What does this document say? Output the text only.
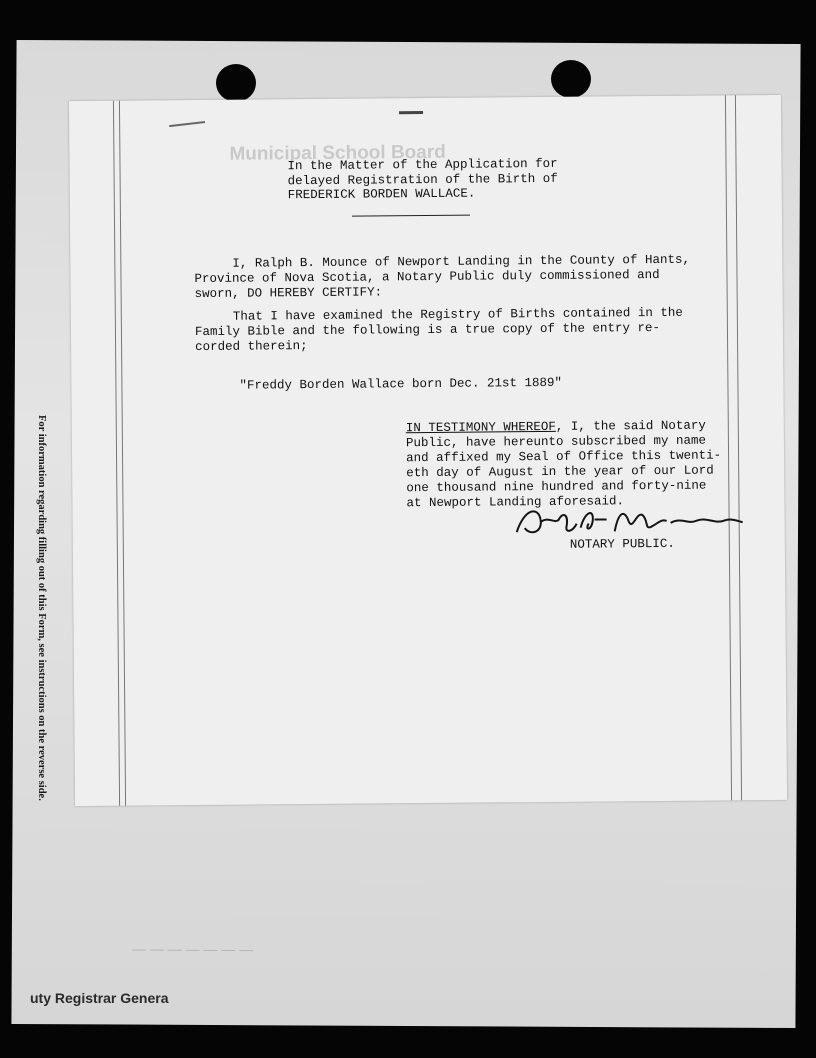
— — — — — — —
For information regarding filling out of this Form, see instructions on the reverse side.
uty Registrar Genera
Municipal School Board
In the Matter of the Application for
delayed Registration of the Birth of
FREDERICK BORDEN WALLACE.
I, Ralph B. Mounce of Newport Landing in the County of Hants,
Province of Nova Scotia, a Notary Public duly commissioned and
sworn, DO HEREBY CERTIFY:
That I have examined the Registry of Births contained in the
Family Bible and the following is a true copy of the entry re-
corded therein;
"Freddy Borden Wallace born Dec. 21st 1889"
IN TESTIMONY WHEREOF, I, the said Notary
Public, have hereunto subscribed my name
and affixed my Seal of Office this twenti-
eth day of August in the year of our Lord
one thousand nine hundred and forty-nine
at Newport Landing aforesaid.
NOTARY PUBLIC.
